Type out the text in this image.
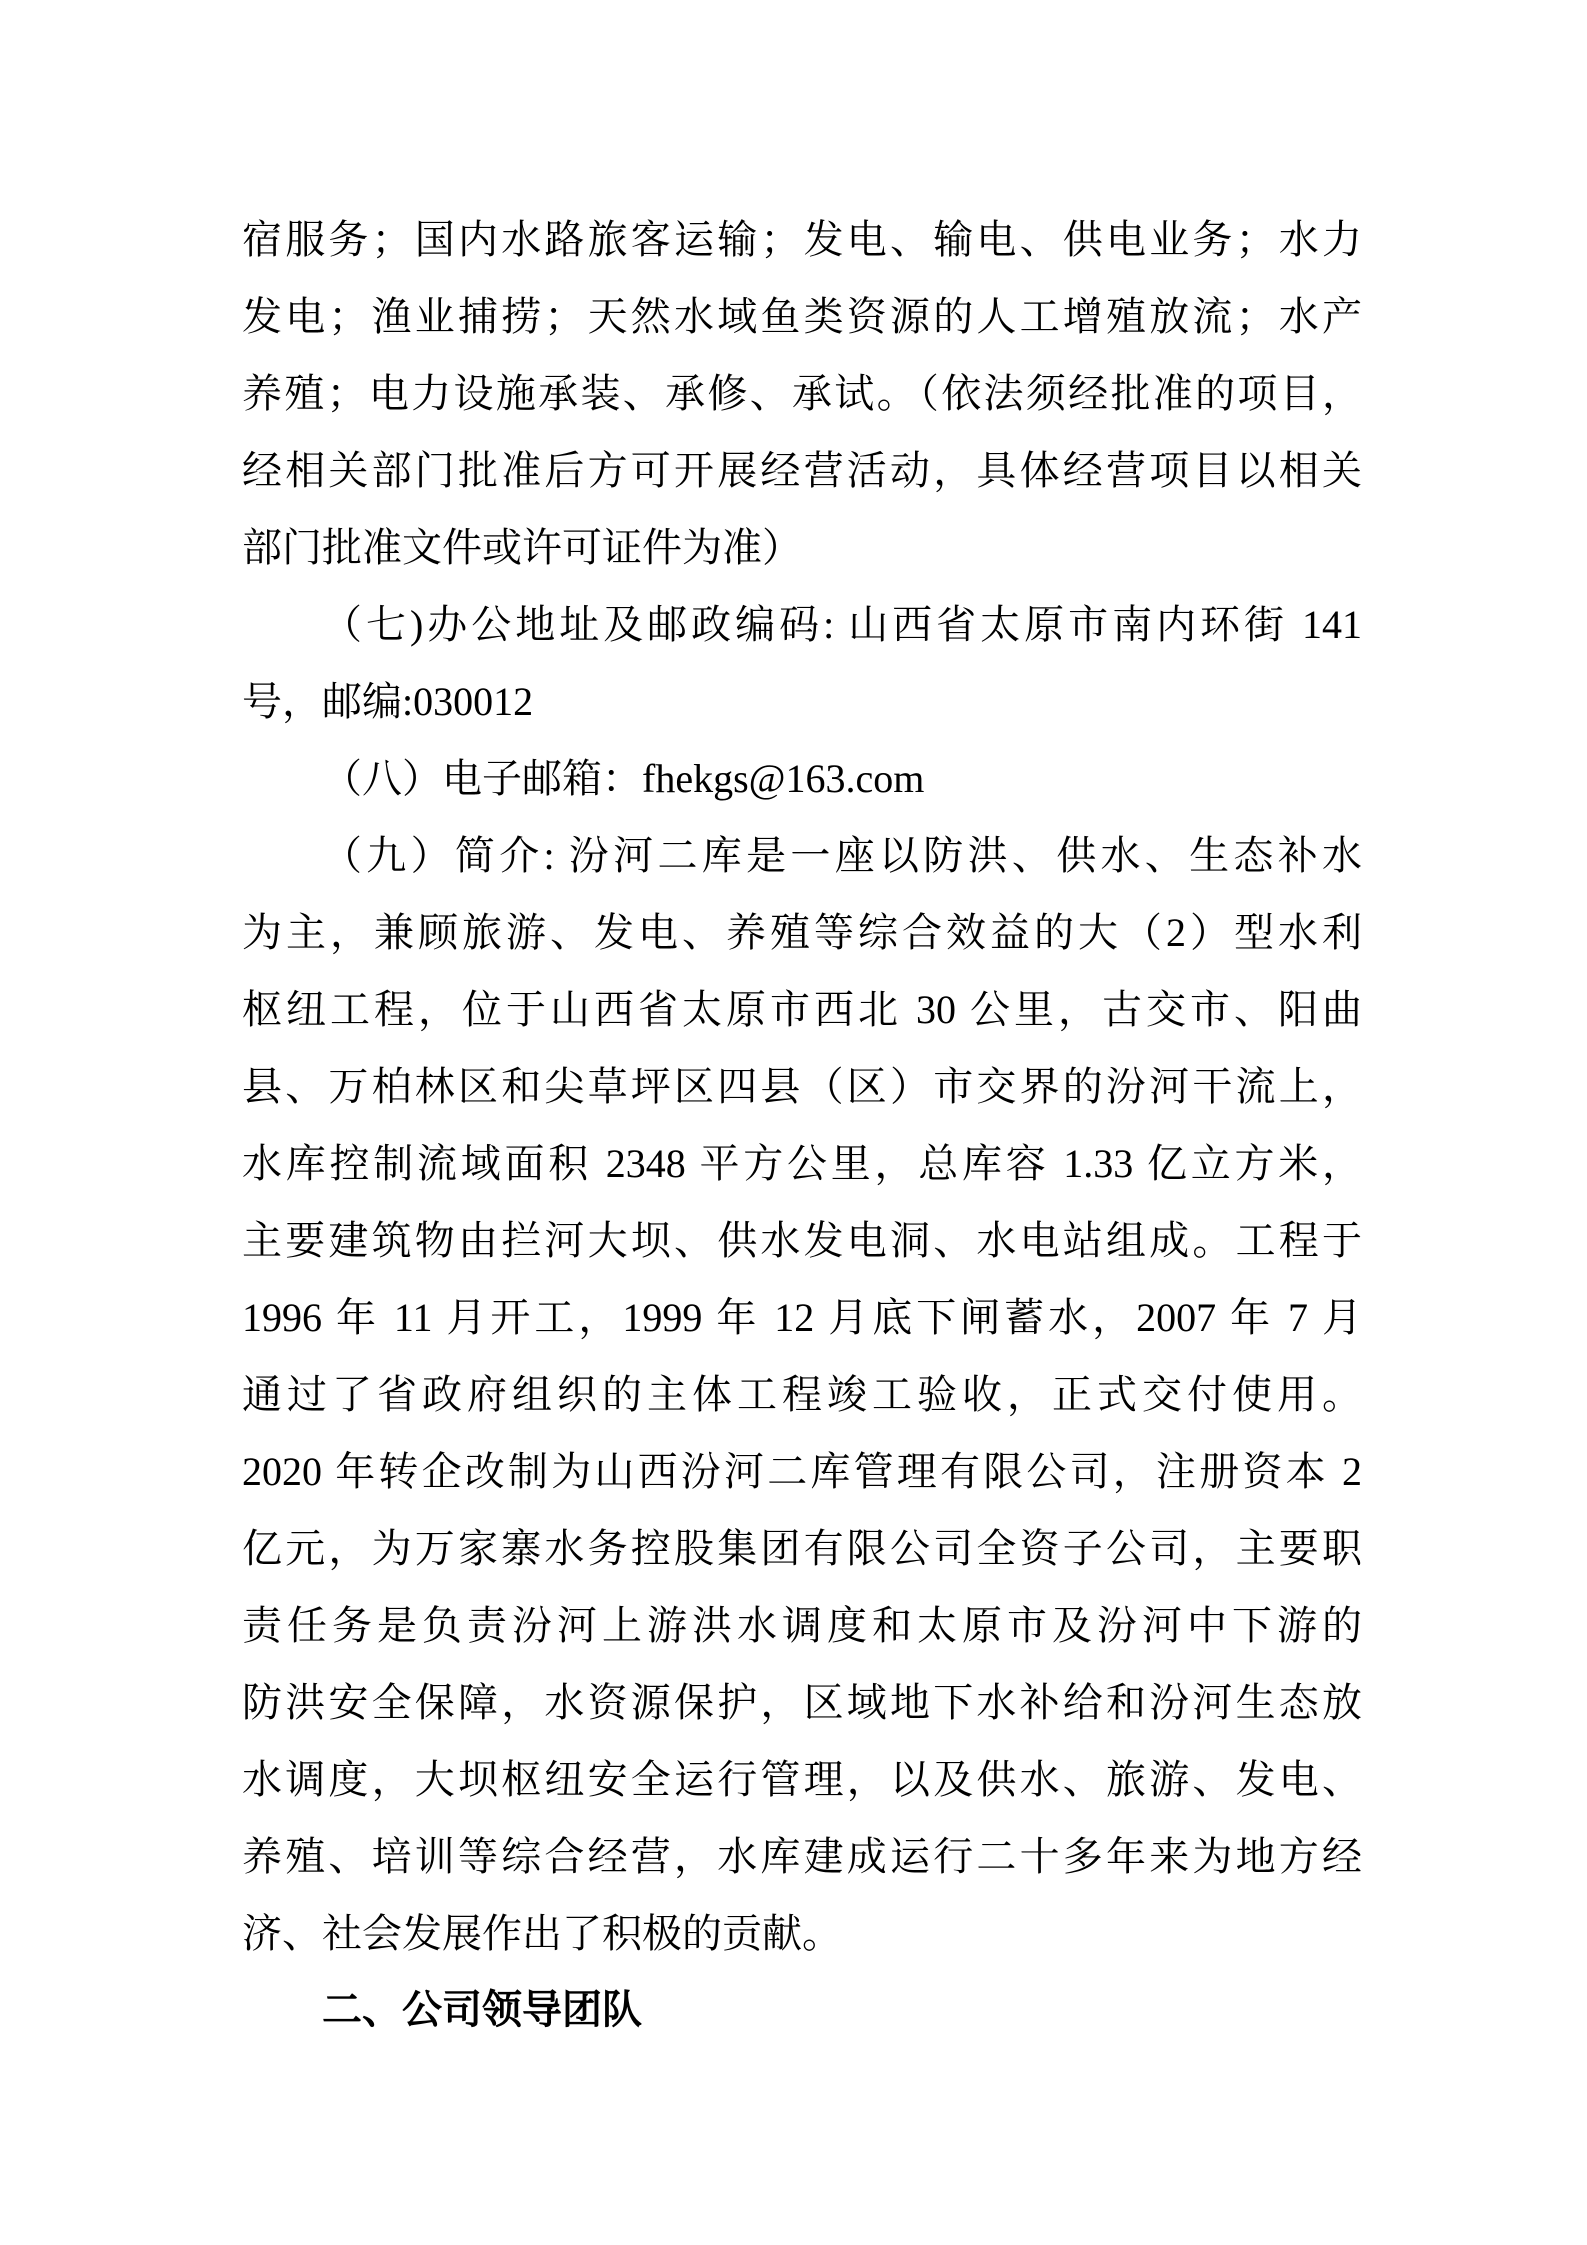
宿服务；国内水路旅客运输；发电、输电、供电业务；水力
发电；渔业捕捞；天然水域鱼类资源的人工增殖放流；水产
养殖；电力设施承装、承修、承试。（依法须经批准的项目，
经相关部门批准后方可开展经营活动，具体经营项目以相关
部门批准文件或许可证件为准）
（七)办公地址及邮政编码: 山西省太原市南内环街 141
号，邮编:030012
（八）电子邮箱：fhekgs@163.com
（九）简介: 汾河二库是一座以防洪、供水、生态补水
为主，兼顾旅游、发电、养殖等综合效益的大（2）型水利
枢纽工程，位于山西省太原市西北 30 公里，古交市、阳曲
县、万柏林区和尖草坪区四县（区）市交界的汾河干流上，
水库控制流域面积 2348 平方公里，总库容 1.33 亿立方米，
主要建筑物由拦河大坝、供水发电洞、水电站组成。工程于
1996 年 11 月开工，1999 年 12 月底下闸蓄水，2007 年 7 月
通过了省政府组织的主体工程竣工验收，正式交付使用。
2020 年转企改制为山西汾河二库管理有限公司，注册资本 2
亿元，为万家寨水务控股集团有限公司全资子公司，主要职
责任务是负责汾河上游洪水调度和太原市及汾河中下游的
防洪安全保障，水资源保护，区域地下水补给和汾河生态放
水调度，大坝枢纽安全运行管理，以及供水、旅游、发电、
养殖、培训等综合经营，水库建成运行二十多年来为地方经
济、社会发展作出了积极的贡献。
二、公司领导团队
